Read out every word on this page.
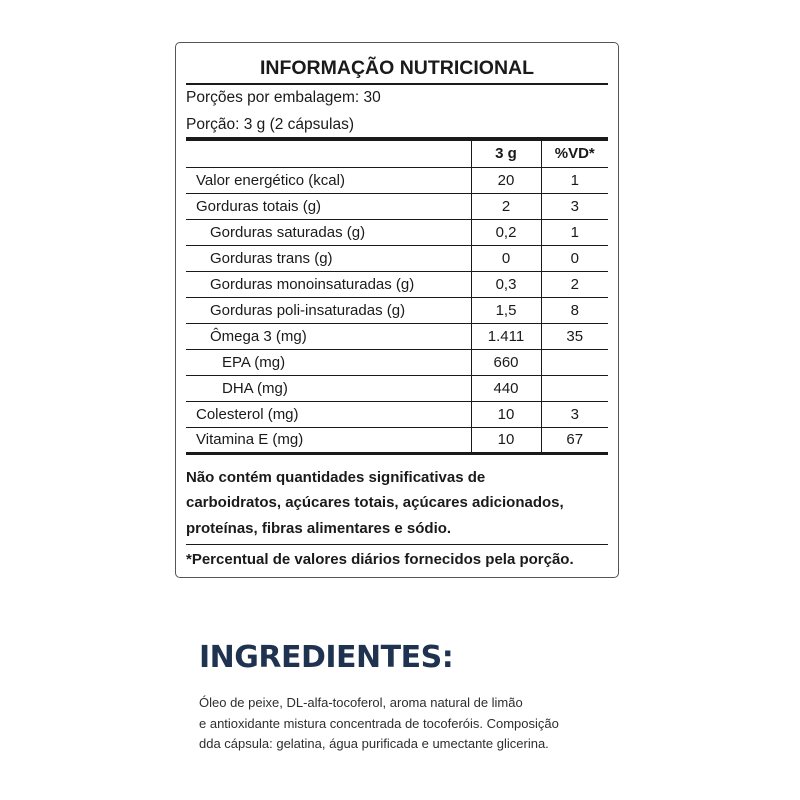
INFORMAÇÃO NUTRICIONAL
Porções por embalagem: 30
Porção: 3 g (2 cápsulas)
	3 g	%VD*
Valor energético (kcal)	20	1
Gorduras totais (g)	2	3
Gorduras saturadas (g)	0,2	1
Gorduras trans (g)	0	0
Gorduras monoinsaturadas (g)	0,3	2
Gorduras poli-insaturadas (g)	1,5	8
Ômega 3 (mg)	1.411	35
EPA (mg)	660	
DHA (mg)	440	
Colesterol (mg)	10	3
Vitamina E (mg)	10	67
Não contém quantidades significativas de
carboidratos, açúcares totais, açúcares adicionados,
proteínas, fibras alimentares e sódio.
*Percentual de valores diários fornecidos pela porção.
INGREDIENTES:
Óleo de peixe, DL-alfa-tocoferol, aroma natural de limão
e antioxidante mistura concentrada de tocoferóis. Composição
dda cápsula: gelatina, água purificada e umectante glicerina.
